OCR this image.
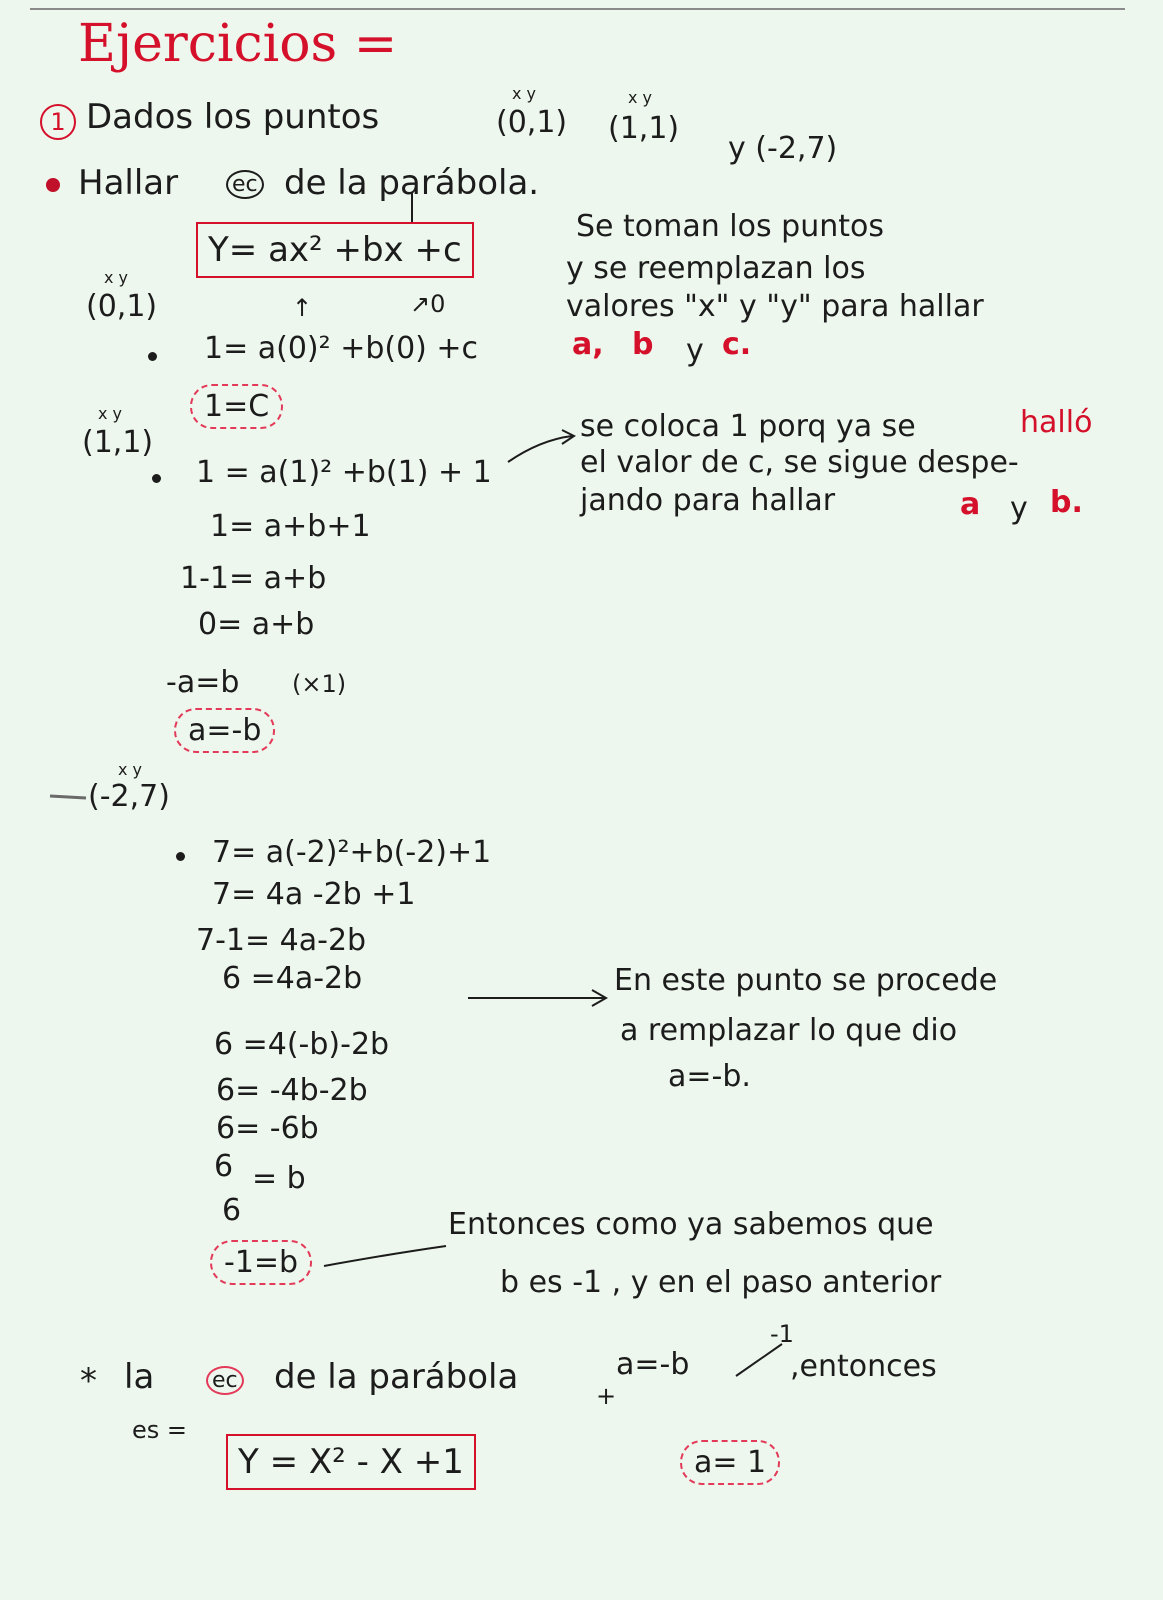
Ejercicios =
1 Dados los puntos
x y
(0,1)
x y
(1,1)
y (-2,7)
Hallar ec de la parábola.
Y= ax² +bx +c
Se toman los puntos
y se reemplazan los
valores "x" y "y" para hallar
a, b y c.
x y
(0,1)	↑	↗0
1= a(0)² +b(0) +c
1=C
x y
(1,1)
1 = a(1)² +b(1) + 1
1= a+b+1
1-1= a+b
0= a+b
-a=b (×1)
a=-b
se coloca 1 porq ya se	halló
el valor de c, se sigue despe-
jando para hallar	a y b.
x y
(-2,7)
7= a(-2)²+b(-2)+1
7= 4a -2b +1
7-1= 4a-2b
6 =4a-2b
6 =4(-b)-2b
6= -4b-2b
6= -6b
6 = b
6
-1=b
En este punto se procede
a remplazar lo que dio
a=-b.
Entonces como ya sabemos que
b es -1 , y en el paso anterior
+
a=-b
-1
,entonces
a= 1
* la	ec de la parábola
es =
Y = X² - X +1
